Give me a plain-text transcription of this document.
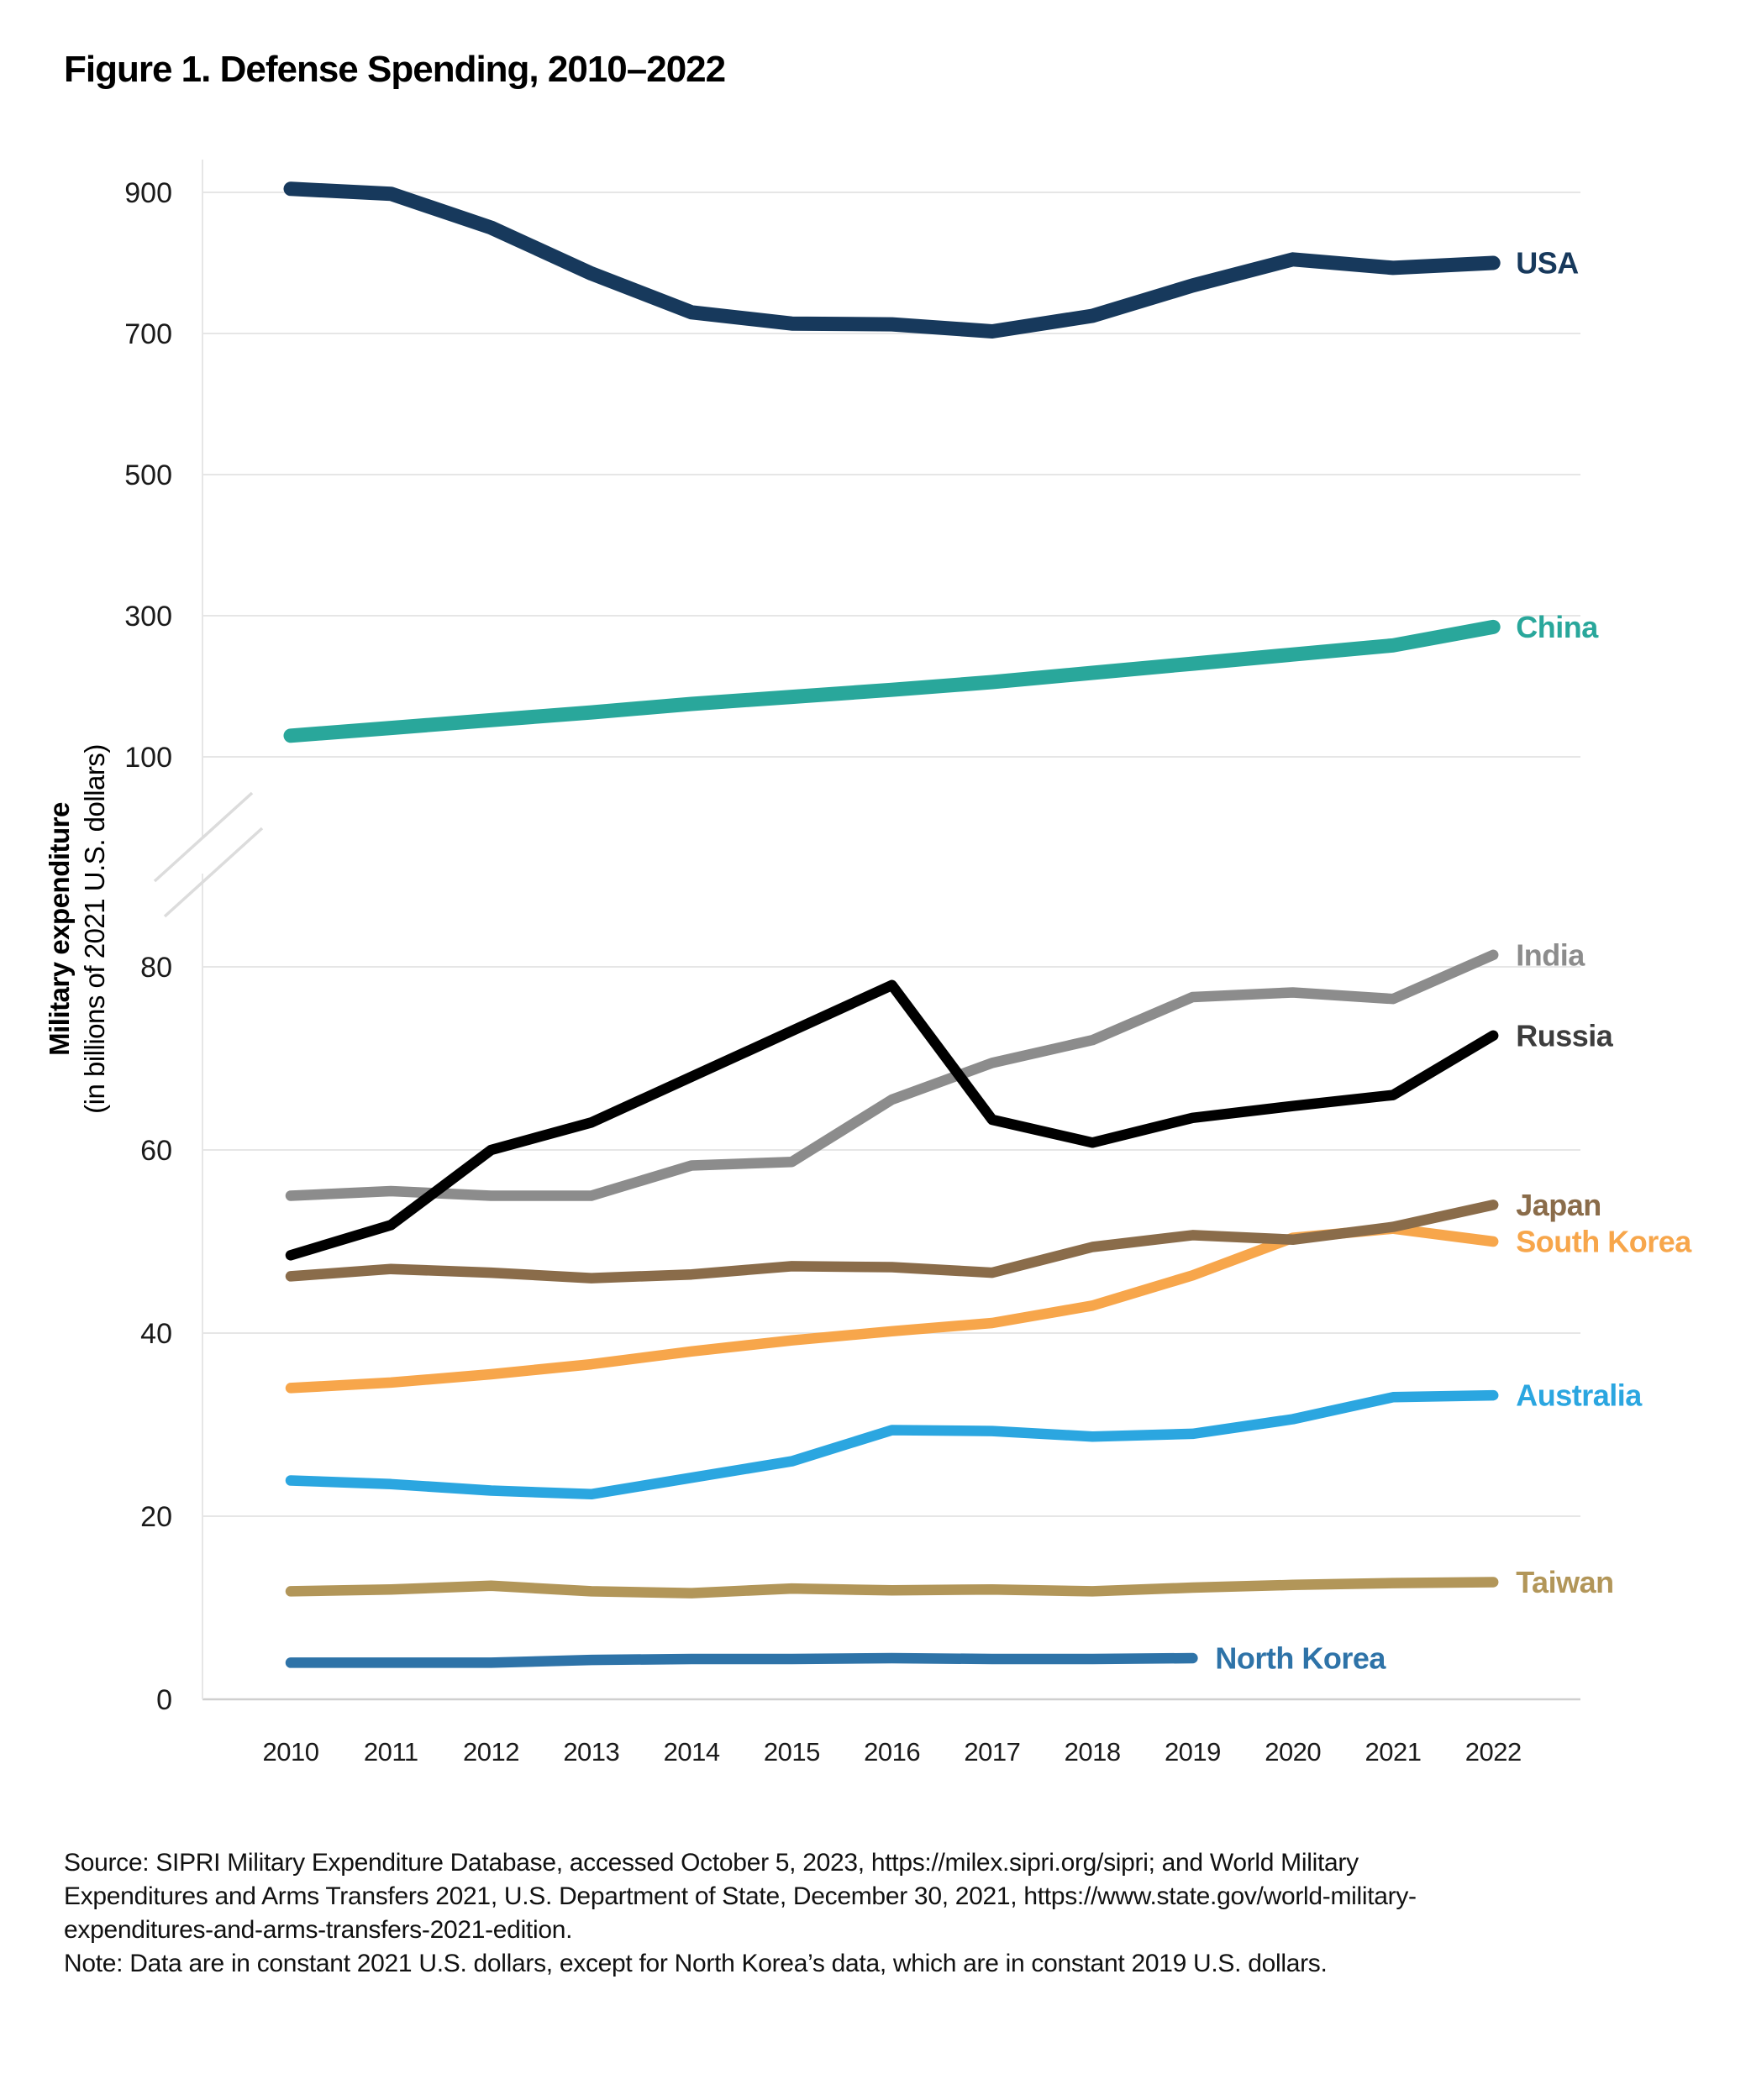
Figure 1. Defense Spending, 2010–2022
900
700
500
300
100
80
60
40
20
0
USA
China
India
Russia
South Korea
Japan
Australia
Taiwan
North Korea
2010 2011 2012 2013 2014 2015 2016 2017 2018 2019 2020 2021 2022
Military expenditure (in billions of 2021 U.S. dollars)

Source: SIPRI Military Expenditure Database, accessed October 5, 2023, https://milex.sipri.org/sipri; and World Military
Expenditures and Arms Transfers 2021, U.S. Department of State, December 30, 2021, https://www.state.gov/world-military-
expenditures-and-arms-transfers-2021-edition.
Note: Data are in constant 2021 U.S. dollars, except for North Korea’s data, which are in constant 2019 U.S. dollars.
